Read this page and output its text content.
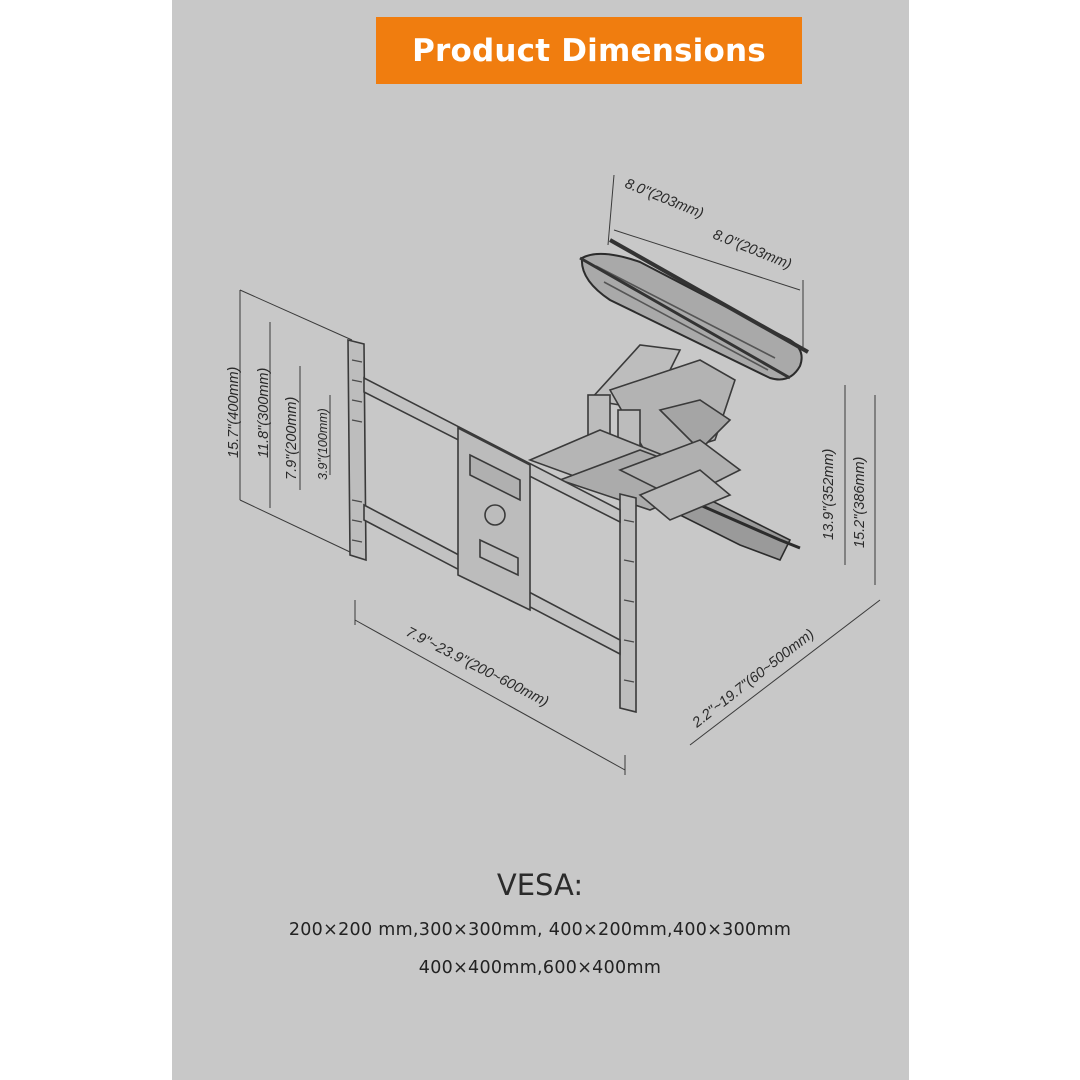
Product Dimensions
8.0"(203mm)
8.0"(203mm)
15.7"(400mm) 11.8"(300mm) 7.9"(200mm) 3.9"(100mm)
7.9"~23.9"(200~600mm)	2.2"~19.7"(60~500mm)
13.9"(352mm) 15.2"(386mm)
VESA:
200×200 mm,300×300mm, 400×200mm,400×300mm
400×400mm,600×400mm
